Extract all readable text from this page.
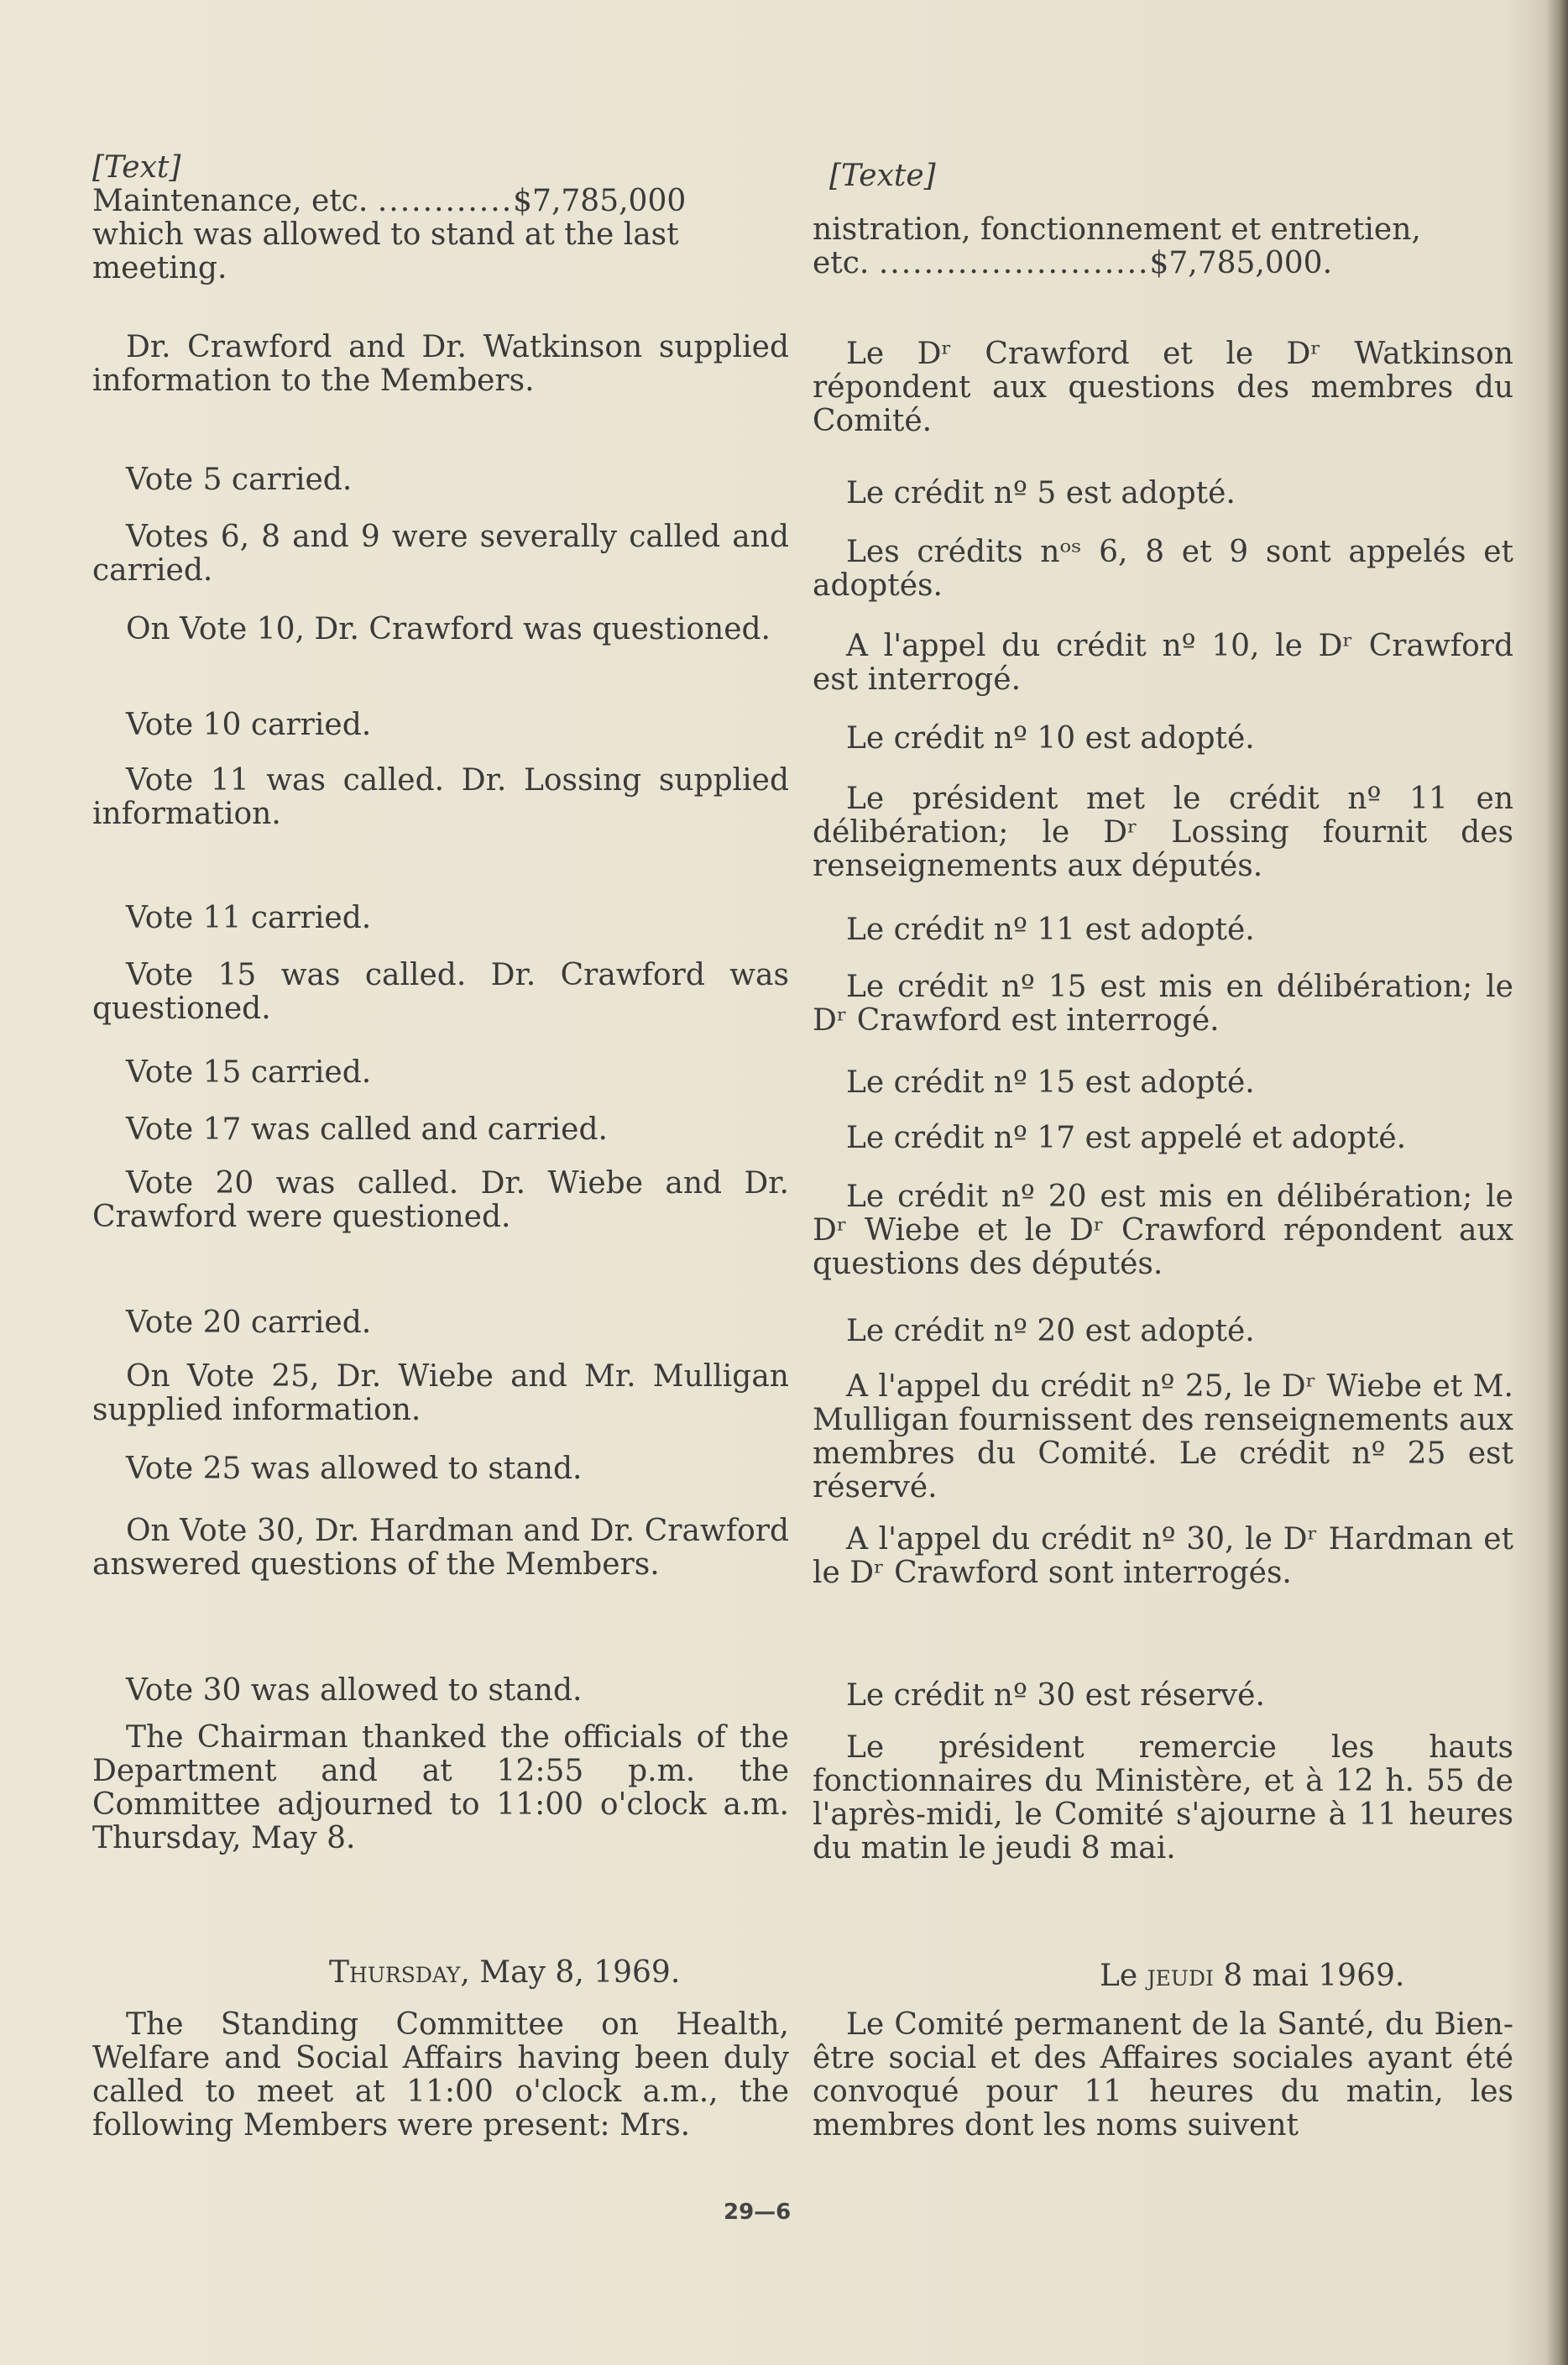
[Text]
Maintenance, etc. ............$7,785,000
which was allowed to stand at the last
meeting.
Dr. Crawford and Dr. Watkinson supplied information to the Members.
Vote 5 carried.
Votes 6, 8 and 9 were severally called and carried.
On Vote 10, Dr. Crawford was questioned.
Vote 10 carried.
Vote 11 was called. Dr. Lossing supplied information.
Vote 11 carried.
Vote 15 was called. Dr. Crawford was questioned.
Vote 15 carried.
Vote 17 was called and carried.
Vote 20 was called. Dr. Wiebe and Dr. Crawford were questioned.
Vote 20 carried.
On Vote 25, Dr. Wiebe and Mr. Mulligan supplied information.
Vote 25 was allowed to stand.
On Vote 30, Dr. Hardman and Dr. Crawford answered questions of the Members.
Vote 30 was allowed to stand.
The Chairman thanked the officials of the Department and at 12:55 p.m. the Committee adjourned to 11:00 o'clock a.m. Thursday, May 8.
Thursday, May 8, 1969.
The Standing Committee on Health, Welfare and Social Affairs having been duly called to meet at 11:00 o'clock a.m., the following Members were present: Mrs.
[Texte]
nistration, fonctionnement et entretien,
etc. ........................$7,785,000.
Le Dʳ Crawford et le Dʳ Watkinson répondent aux questions des membres du Comité.
Le crédit nº 5 est adopté.
Les crédits nᵒˢ 6, 8 et 9 sont appelés et adoptés.
A l'appel du crédit nº 10, le Dʳ Crawford est interrogé.
Le crédit nº 10 est adopté.
Le président met le crédit nº 11 en délibération; le Dʳ Lossing fournit des renseignements aux députés.
Le crédit nº 11 est adopté.
Le crédit nº 15 est mis en délibération; le Dʳ Crawford est interrogé.
Le crédit nº 15 est adopté.
Le crédit nº 17 est appelé et adopté.
Le crédit nº 20 est mis en délibération; le Dʳ Wiebe et le Dʳ Crawford répondent aux questions des députés.
Le crédit nº 20 est adopté.
A l'appel du crédit nº 25, le Dʳ Wiebe et M. Mulligan fournissent des renseignements aux membres du Comité. Le crédit nº 25 est réservé.
A l'appel du crédit nº 30, le Dʳ Hardman et le Dʳ Crawford sont interrogés.
Le crédit nº 30 est réservé.
Le président remercie les hauts fonctionnaires du Ministère, et à 12 h. 55 de l'après-midi, le Comité s'ajourne à 11 heures du matin le jeudi 8 mai.
Le jeudi 8 mai 1969.
Le Comité permanent de la Santé, du Bien-être social et des Affaires sociales ayant été convoqué pour 11 heures du matin, les membres dont les noms suivent
29—6
